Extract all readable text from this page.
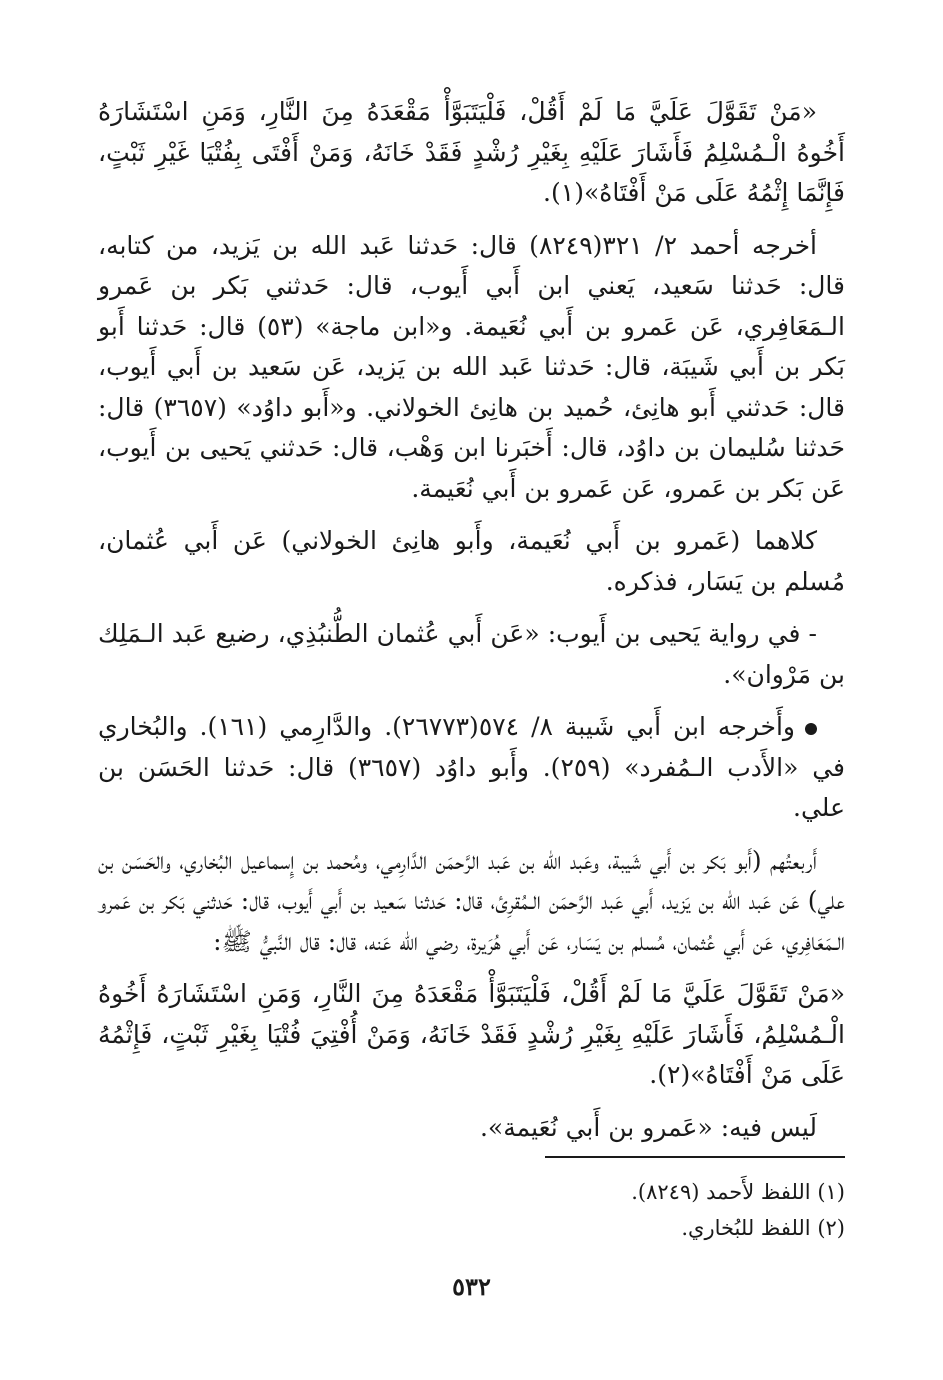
«مَنْ تَقَوَّلَ عَلَيَّ مَا لَمْ أَقُلْ، فَلْيَتَبَوَّأْ مَقْعَدَهُ مِنَ النَّارِ، وَمَنِ اسْتَشَارَهُ أَخُوهُ الْـمُسْلِمُ فَأَشَارَ عَلَيْهِ بِغَيْرِ رُشْدٍ فَقَدْ خَانَهُ، وَمَنْ أَفْتَى بِفُتْيَا غَيْرِ ثَبْتٍ، فَإِنَّمَا إِثْمُهُ عَلَى مَنْ أَفْتَاهُ»(١).

أخرجه أحمد ٢/ ٣٢١(٨٢٤٩) قال: حَدثنا عَبد الله بن يَزيد، من كتابه، قال: حَدثنا سَعيد، يَعني ابن أَبي أَيوب، قال: حَدثني بَكر بن عَمرو الـمَعَافِري، عَن عَمرو بن أَبي نُعَيمة. و«ابن ماجة» (٥٣) قال: حَدثنا أَبو بَكر بن أَبي شَيبَة، قال: حَدثنا عَبد الله بن يَزيد، عَن سَعيد بن أَبي أَيوب، قال: حَدثني أَبو هانِئ، حُميد بن هانِئ الخولاني. و«أَبو داوُد» (٣٦٥٧) قال: حَدثنا سُليمان بن داوُد، قال: أَخبَرنا ابن وَهْب، قال: حَدثني يَحيى بن أَيوب، عَن بَكر بن عَمرو، عَن عَمرو بن أَبي نُعَيمة.

كلاهما (عَمرو بن أَبي نُعَيمة، وأَبو هانِئ الخولاني) عَن أَبي عُثمان، مُسلم بن يَسَار، فذكره.

- في رواية يَحيى بن أَيوب: «عَن أَبي عُثمان الطُّنبُذِي، رضيع عَبد الـمَلِك بن مَرْوان».

وأَخرجه ابن أَبي شَيبة ٨/ ٥٧٤(٢٦٧٧٣). والدَّارِمي (١٦١). والبُخاري في «الأَدب الـمُفرد» (٢٥٩). وأَبو داوُد (٣٦٥٧) قال: حَدثنا الحَسَن بن علي.

أَربعتُهم (أَبو بَكر بن أَبي شَيبة، وعَبد الله بن عَبد الرَّحمَن الدَّارِمي، ومُحمد بن إِسماعيل البُخاري، والحَسَن بن علي) عَن عَبد الله بن يَزيد، أَبي عَبد الرَّحمَن الـمُقرِئ، قال: حَدثنا سَعيد بن أَبي أَيوب، قال: حَدثني بَكر بن عَمرو الـمَعَافِري، عَن أَبي عُثمان، مُسلم بن يَسَار، عَن أَبي هُرَيرة، رضي الله عَنه، قال: قال النَّبيُّ ﷺ:

«مَنْ تَقَوَّلَ عَلَيَّ مَا لَمْ أَقُلْ، فَلْيَتَبَوَّأْ مَقْعَدَهُ مِنَ النَّارِ، وَمَنِ اسْتَشَارَهُ أَخُوهُ الْـمُسْلِمُ، فَأَشَارَ عَلَيْهِ بِغَيْرِ رُشْدٍ فَقَدْ خَانَهُ، وَمَنْ أُفْتِيَ فُتْيَا بِغَيْرِ ثَبْتٍ، فَإِثْمُهُ عَلَى مَنْ أَفْتَاهُ»(٢).

لَيس فيه: «عَمرو بن أَبي نُعَيمة».

(١) اللفظ لأَحمد (٨٢٤٩).
(٢) اللفظ للبُخاري.
٥٣٢
